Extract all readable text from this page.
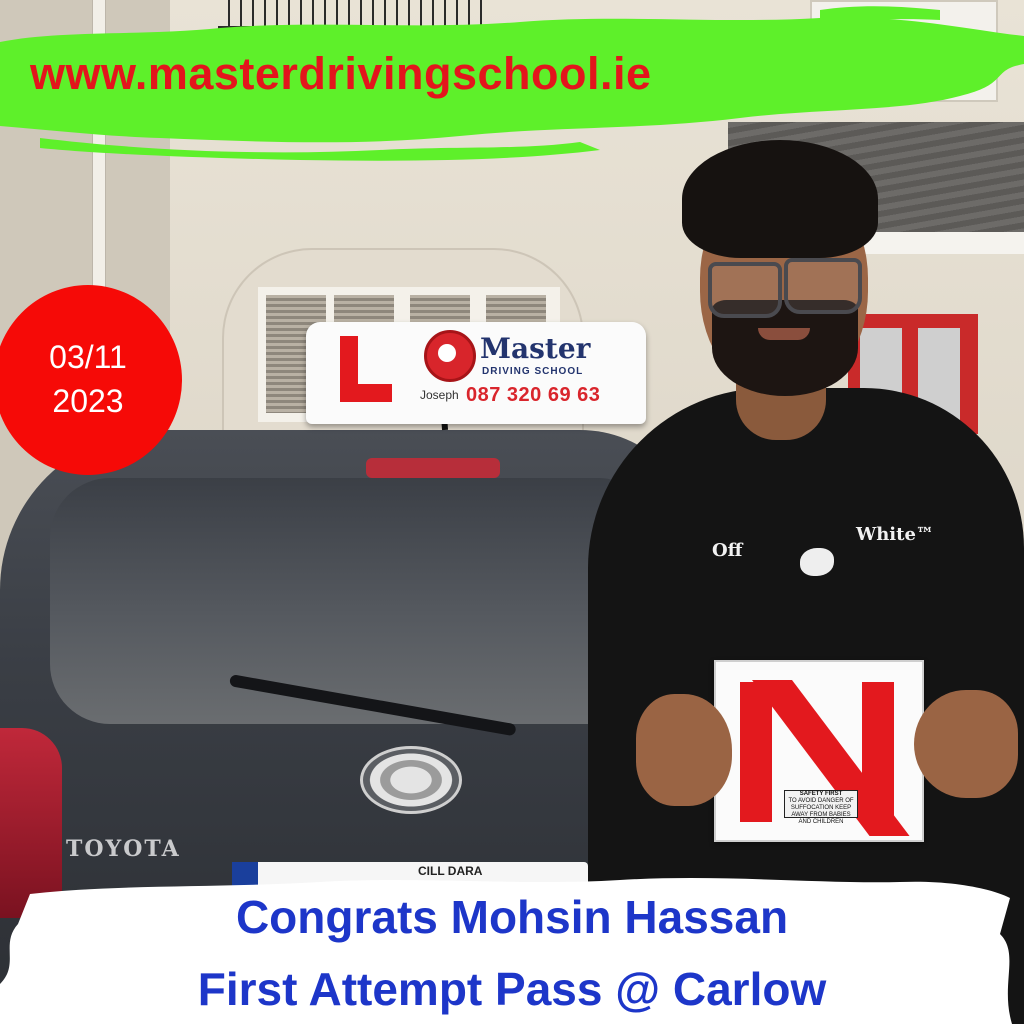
TOYOTA
CILL DARA
Master
DRIVING SCHOOL
Joseph 087 320 69 63
Off
White™
SAFETY FIRST
TO AVOID DANGER OF SUFFOCATION KEEP AWAY FROM BABIES AND CHILDREN
www.masterdrivingschool.ie
03/11
2023
Congrats Mohsin Hassan
First Attempt Pass @ Carlow
